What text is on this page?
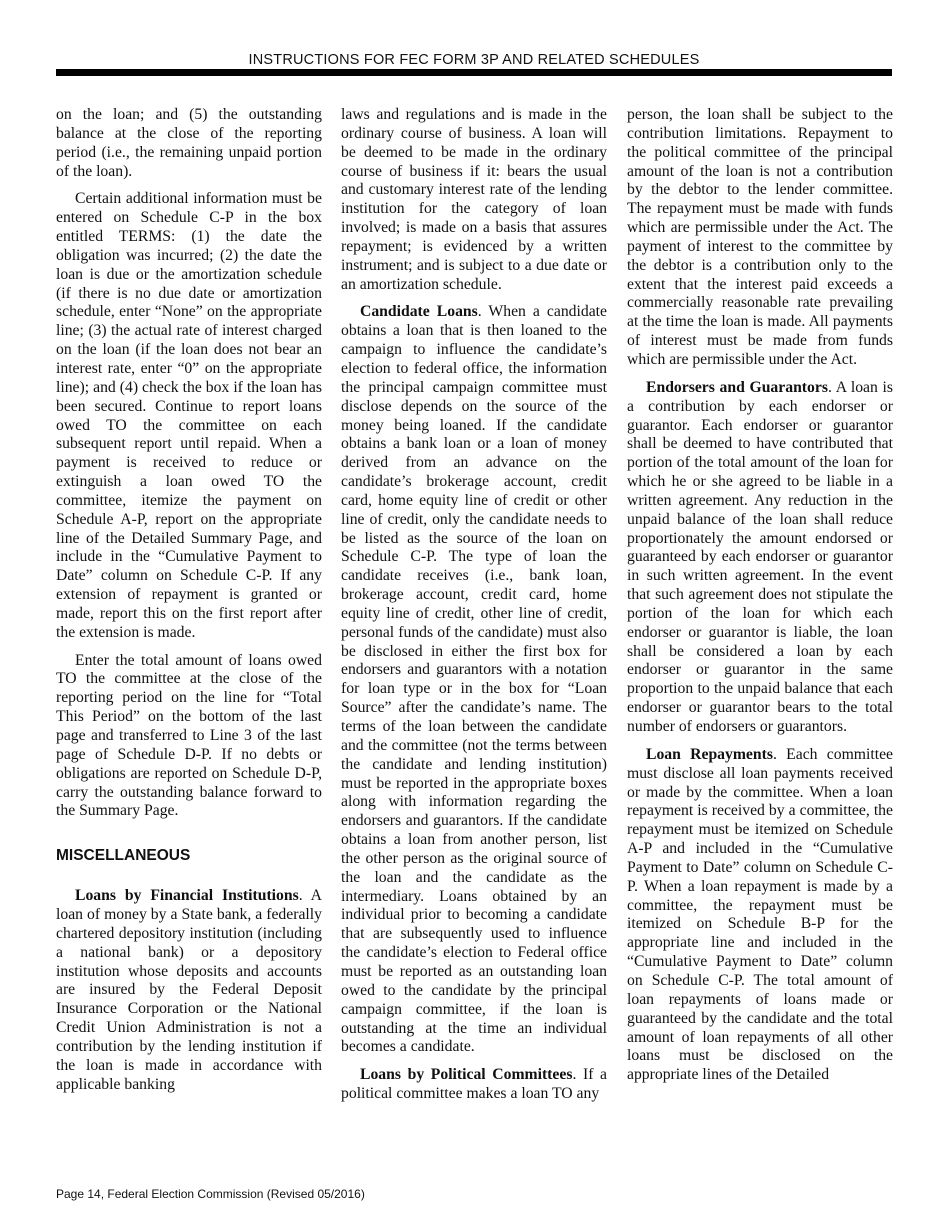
INSTRUCTIONS FOR FEC FORM 3P AND RELATED SCHEDULES

on the loan; and (5) the outstanding balance at the close of the reporting period (i.e., the remaining unpaid portion of the loan).

Certain additional information must be entered on Schedule C-P in the box entitled TERMS: (1) the date the obligation was incurred; (2) the date the loan is due or the amortization schedule (if there is no due date or amortization schedule, enter “None” on the appropriate line; (3) the actual rate of interest charged on the loan (if the loan does not bear an interest rate, enter “0” on the appropriate line); and (4) check the box if the loan has been secured. Continue to report loans owed TO the committee on each subsequent report until repaid. When a payment is received to reduce or extinguish a loan owed TO the committee, itemize the payment on Schedule A-P, report on the appropriate line of the Detailed Summary Page, and include in the “Cumulative Payment to Date” column on Schedule C-P. If any extension of repayment is granted or made, report this on the first report after the extension is made.

Enter the total amount of loans owed TO the committee at the close of the reporting period on the line for “Total This Period” on the bottom of the last page and transferred to Line 3 of the last page of Schedule D-P. If no debts or obligations are reported on Schedule D-P, carry the outstanding balance forward to the Summary Page.

MISCELLANEOUS

Loans by Financial Institutions. A loan of money by a State bank, a federally chartered depository institution (including a national bank) or a depository institution whose deposits and accounts are insured by the Federal Deposit Insurance Corporation or the National Credit Union Administration is not a contribution by the lending institution if the loan is made in accordance with applicable banking

laws and regulations and is made in the ordinary course of business. A loan will be deemed to be made in the ordinary course of business if it: bears the usual and customary interest rate of the lending institution for the category of loan involved; is made on a basis that assures repayment; is evidenced by a written instrument; and is subject to a due date or an amortization schedule.

Candidate Loans. When a candidate obtains a loan that is then loaned to the campaign to influence the candidate’s election to federal office, the information the principal campaign committee must disclose depends on the source of the money being loaned. If the candidate obtains a bank loan or a loan of money derived from an advance on the candidate’s brokerage account, credit card, home equity line of credit or other line of credit, only the candidate needs to be listed as the source of the loan on Schedule C-P. The type of loan the candidate receives (i.e., bank loan, brokerage account, credit card, home equity line of credit, other line of credit, personal funds of the candidate) must also be disclosed in either the first box for endorsers and guarantors with a notation for loan type or in the box for “Loan Source” after the candidate’s name. The terms of the loan between the candidate and the committee (not the terms between the candidate and lending institution) must be reported in the appropriate boxes along with information regarding the endorsers and guarantors. If the candidate obtains a loan from another person, list the other person as the original source of the loan and the candidate as the intermediary. Loans obtained by an individual prior to becoming a candidate that are subsequently used to influence the candidate’s election to Federal office must be reported as an outstanding loan owed to the candidate by the principal campaign committee, if the loan is outstanding at the time an individual becomes a candidate.

Loans by Political Committees. If a political committee makes a loan TO any

person, the loan shall be subject to the contribution limitations. Repayment to the political committee of the principal amount of the loan is not a contribution by the debtor to the lender committee. The repayment must be made with funds which are permissible under the Act. The payment of interest to the committee by the debtor is a contribution only to the extent that the interest paid exceeds a commercially reasonable rate prevailing at the time the loan is made. All payments of interest must be made from funds which are permissible under the Act.

Endorsers and Guarantors. A loan is a contribution by each endorser or guarantor. Each endorser or guarantor shall be deemed to have contributed that portion of the total amount of the loan for which he or she agreed to be liable in a written agreement. Any reduction in the unpaid balance of the loan shall reduce proportionately the amount endorsed or guaranteed by each endorser or guarantor in such written agreement. In the event that such agreement does not stipulate the portion of the loan for which each endorser or guarantor is liable, the loan shall be considered a loan by each endorser or guarantor in the same proportion to the unpaid balance that each endorser or guarantor bears to the total number of endorsers or guarantors.

Loan Repayments. Each committee must disclose all loan payments received or made by the committee. When a loan repayment is received by a committee, the repayment must be itemized on Schedule A-P and included in the “Cumulative Payment to Date” column on Schedule C-P. When a loan repayment is made by a committee, the repayment must be itemized on Schedule B-P for the appropriate line and included in the “Cumulative Payment to Date” column on Schedule C-P. The total amount of loan repayments of loans made or guaranteed by the candidate and the total amount of loan repayments of all other loans must be disclosed on the appropriate lines of the Detailed

Page 14, Federal Election Commission (Revised 05/2016)
